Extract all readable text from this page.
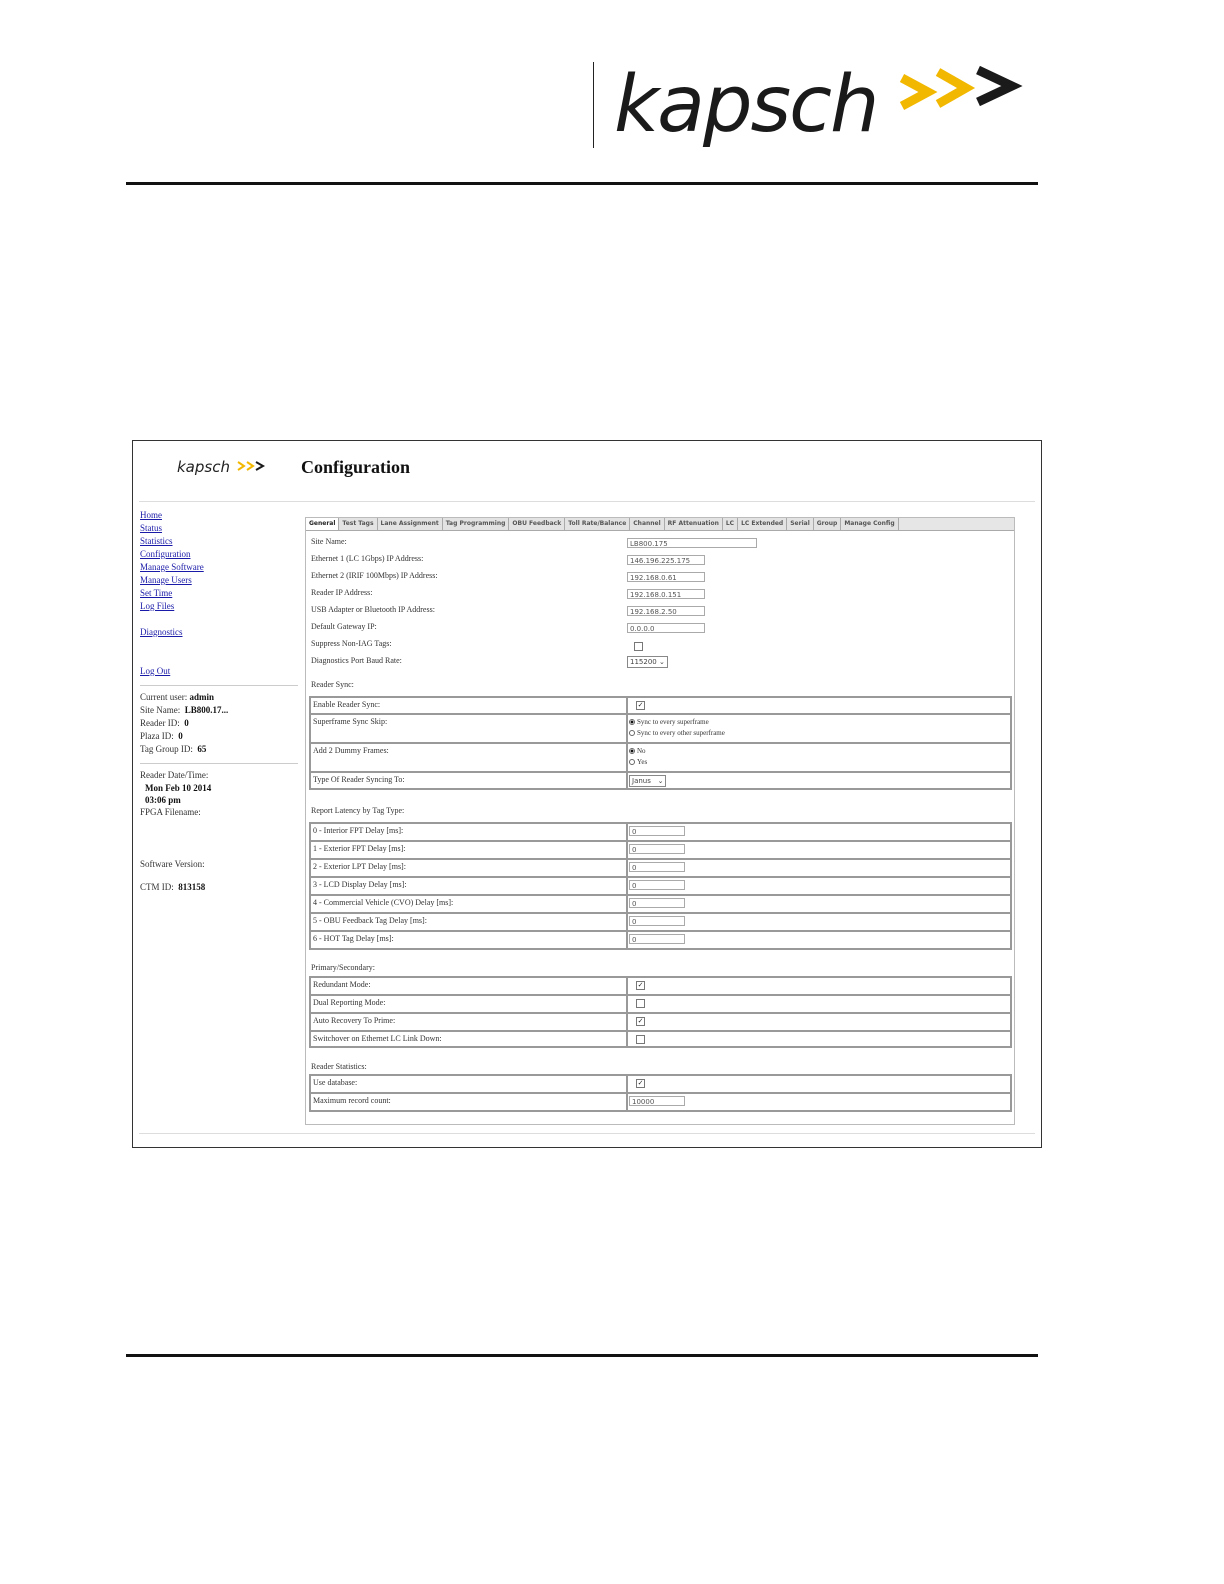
kapsch
kapsch	Configuration
Home
Status
Statistics
Configuration
Manage Software
Manage Users
Set Time
Log Files
Diagnostics
Log Out
Current user: admin
Site Name: LB800.17...
Reader ID: 0
Plaza ID: 0
Tag Group ID: 65
Reader Date/Time:
Mon Feb 10 2014
03:06 pm
FPGA Filename:
Software Version:
CTM ID: 813158
General	Test Tags	Lane Assignment	Tag Programming	OBU Feedback	Toll Rate/Balance	Channel	RF Attenuation	LC	LC Extended	Serial	Group	Manage Config
Site Name:	LB800.175
Ethernet 1 (LC 1Gbps) IP Address:	146.196.225.175
Ethernet 2 (IRIF 100Mbps) IP Address:	192.168.0.61
Reader IP Address:	192.168.0.151
USB Adapter or Bluetooth IP Address:	192.168.2.50
Default Gateway IP:	0.0.0.0
Suppress Non-IAG Tags:
Diagnostics Port Baud Rate:	115200 ⌄
Reader Sync:
Enable Reader Sync:	✓
Superframe Sync Skip:	Sync to every superframe
Sync to every other superframe
Add 2 Dummy Frames:	No
Yes
Type Of Reader Syncing To:	Janus ⌄
Report Latency by Tag Type:
0 - Interior FPT Delay [ms]:	0
1 - Exterior FPT Delay [ms]:	0
2 - Exterior LPT Delay [ms]:	0
3 - LCD Display Delay [ms]:	0
4 - Commercial Vehicle (CVO) Delay [ms]:	0
5 - OBU Feedback Tag Delay [ms]:	0
6 - HOT Tag Delay [ms]:	0
Primary/Secondary:
Redundant Mode:	✓
Dual Reporting Mode:
Auto Recovery To Prime:	✓
Switchover on Ethernet LC Link Down:
Reader Statistics:
Use database:	✓
Maximum record count:	10000
